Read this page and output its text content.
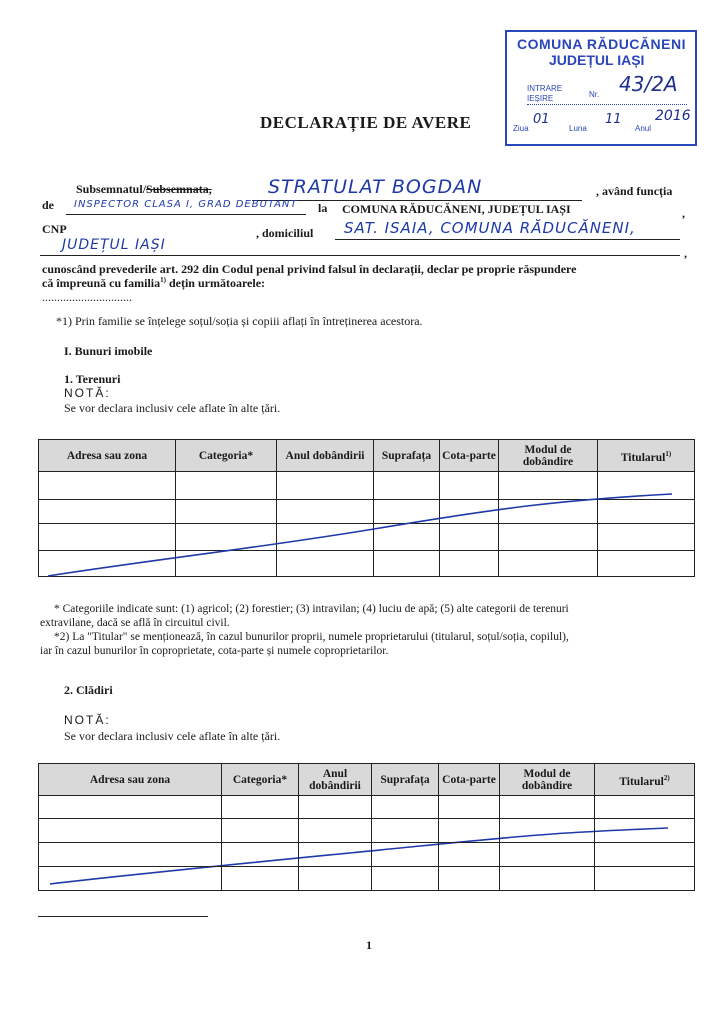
COMUNA RĂDUCĂNENI
JUDEȚUL IAȘI
INTRARE
IEȘIRE	Nr. 43/2A
Ziua
01
Luna
11
Anul
2016
DECLARAȚIE DE AVERE
Subsemnatul/Subsemnata,	STRATULAT BOGDAN	, având funcția
de INSPECTOR CLASA I, GRAD DEBUTANT la COMUNA RĂDUCĂNENI, JUDEȚUL IAȘI	,
CNP	, domiciliul SAT. ISAIA, COMUNA RĂDUCĂNENI,
JUDEȚUL IAȘI	,
cunoscând prevederile art. 292 din Codul penal privind falsul în declarații, declar pe proprie răspundere
că împreună cu familia$^{1)}$ dețin următoarele:
..............................
*1) Prin familie se înțelege soțul/soția și copiii aflați în întreținerea acestora.
I. Bunuri imobile
1. Terenuri
NOTĂ:
Se vor declara inclusiv cele aflate în alte țări.
Adresa sau zona	Categoria*	Anul dobândirii	Suprafața	Cota-parte	Modul de dobândire	Titularul$^{1)}$

* Categoriile indicate sunt: (1) agricol; (2) forestier; (3) intravilan; (4) luciu de apă; (5) alte categorii de terenuri
extravilane, dacă se află în circuitul civil.
*2) La "Titular" se menționează, în cazul bunurilor proprii, numele proprietarului (titularul, soțul/soția, copilul),
iar în cazul bunurilor în coproprietate, cota-parte și numele coproprietarilor.
2. Clădiri
NOTĂ:
Se vor declara inclusiv cele aflate în alte țări.
Adresa sau zona	Categoria*	Anul dobândirii	Suprafața	Cota-parte	Modul de dobândire	Titularul$^{2)}$

1
